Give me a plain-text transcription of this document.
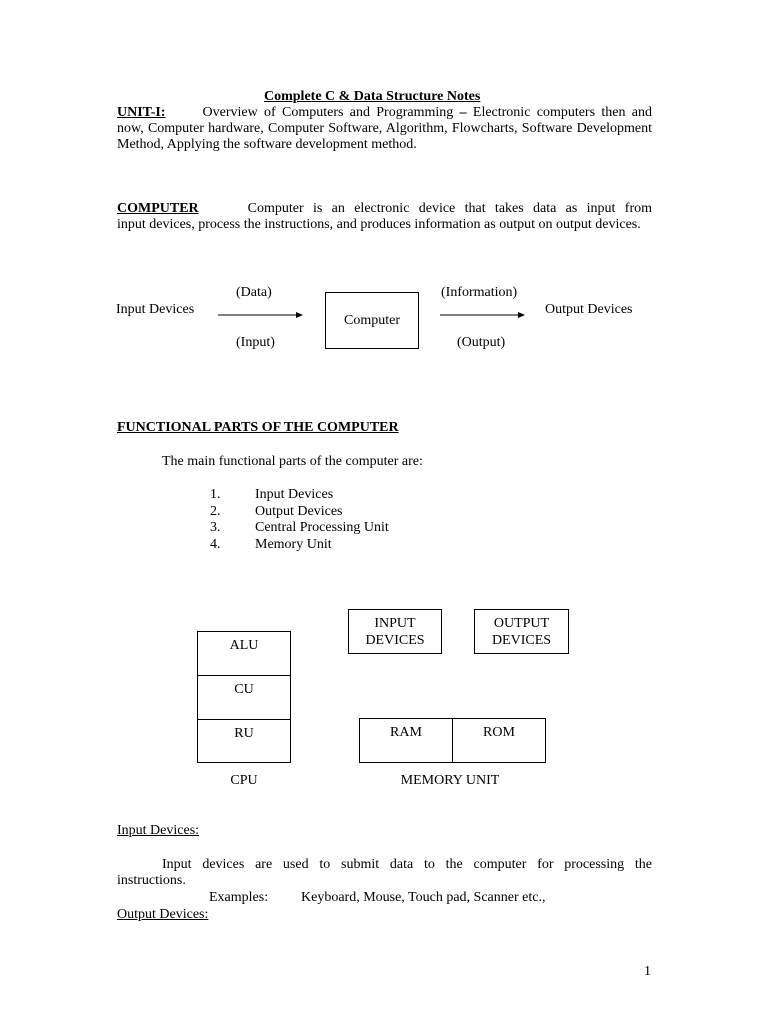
Complete C & Data Structure Notes
UNIT-I:	Overview of Computers and Programming – Electronic computers then and
now, Computer hardware, Computer Software, Algorithm, Flowcharts, Software Development Method, Applying the software development method.
COMPUTER	Computer is an electronic device that takes data as input from
input devices, process the instructions, and produces information as output on output devices.
(Data)
Input Devices
(Input)
Computer
(Information)
(Output)
Output Devices
FUNCTIONAL PARTS OF THE COMPUTER
The main functional parts of the computer are:
1. Input Devices
2. Output Devices
3. Central Processing Unit
4. Memory Unit
ALU
CU
RU
CPU
INPUT
DEVICES
OUTPUT
DEVICES
RAM	ROM
MEMORY UNIT
Input Devices:
Input devices are used to submit data to the computer for processing the
instructions.
Examples: Keyboard, Mouse, Touch pad, Scanner etc.,
Output Devices:
1
